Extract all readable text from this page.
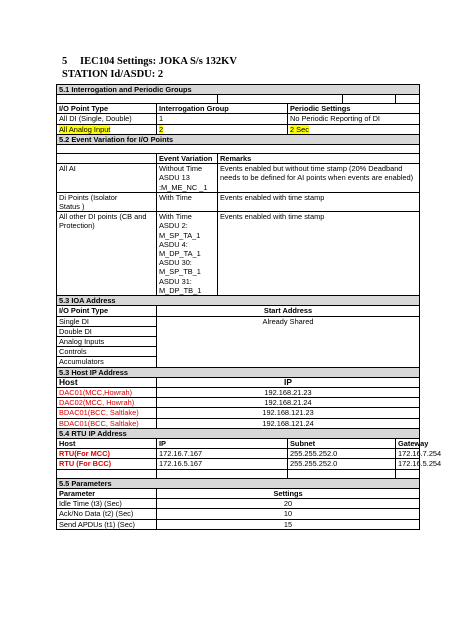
5 IEC104 Settings: JOKA S/s 132KV
STATION Id/ASDU: 2
5.1 Interrogation and Periodic Groups					

I/O Point Type	Interrogation Group		Periodic Settings		
All DI (Single, Double)	1		No Periodic Reporting of DI		
All Analog Input	2		2 Sec		
5.2 Event Variation for I/O Points					

	Event Variation	Remarks			
All AI	Without Time ASDU 13 :M_ME_NC _1	Events enabled but without time stamp (20% Deadband needs to be defined for AI points when events are enabled)			
Di Points (Isolator Status )	With Time	Events enabled with time stamp			
All other DI points (CB and Protection)	With Time ASDU 2: M_SP_TA_1 ASDU 4: M_DP_TA_1 ASDU 30: M_SP_TB_1 ASDU 31: M_DP_TB_1	Events enabled with time stamp			
5.3 IOA Address					
I/O Point Type	Start Address				
Single DI	Already Shared				
Double DI					
Analog Inputs					
Controls					
Accumulators					
5.3 Host IP Address					
Host	IP				
DAC01(MCC,Howrah)	192.168.21.23				
DAC02(MCC, Howrah)	192.168.21.24				
BDAC01(BCC, Saltlake)	192.168.121.23				
BDAC01(BCC, Saltlake)	192.168.121.24				
5.4 RTU IP Address					
Host	IP		Subnet		Gateway
RTU(For MCC)	172.16.7.167		255.255.252.0		172.16.7.254
RTU (For BCC)	172.16.5.167		255.255.252.0		172.16.5.254

5.5 Parameters					
Parameter	Settings				
Idle Time (t3) (Sec)	20				
Ack/No Data (t2) (Sec)	10				
Send APDUs (t1) (Sec)	15				
